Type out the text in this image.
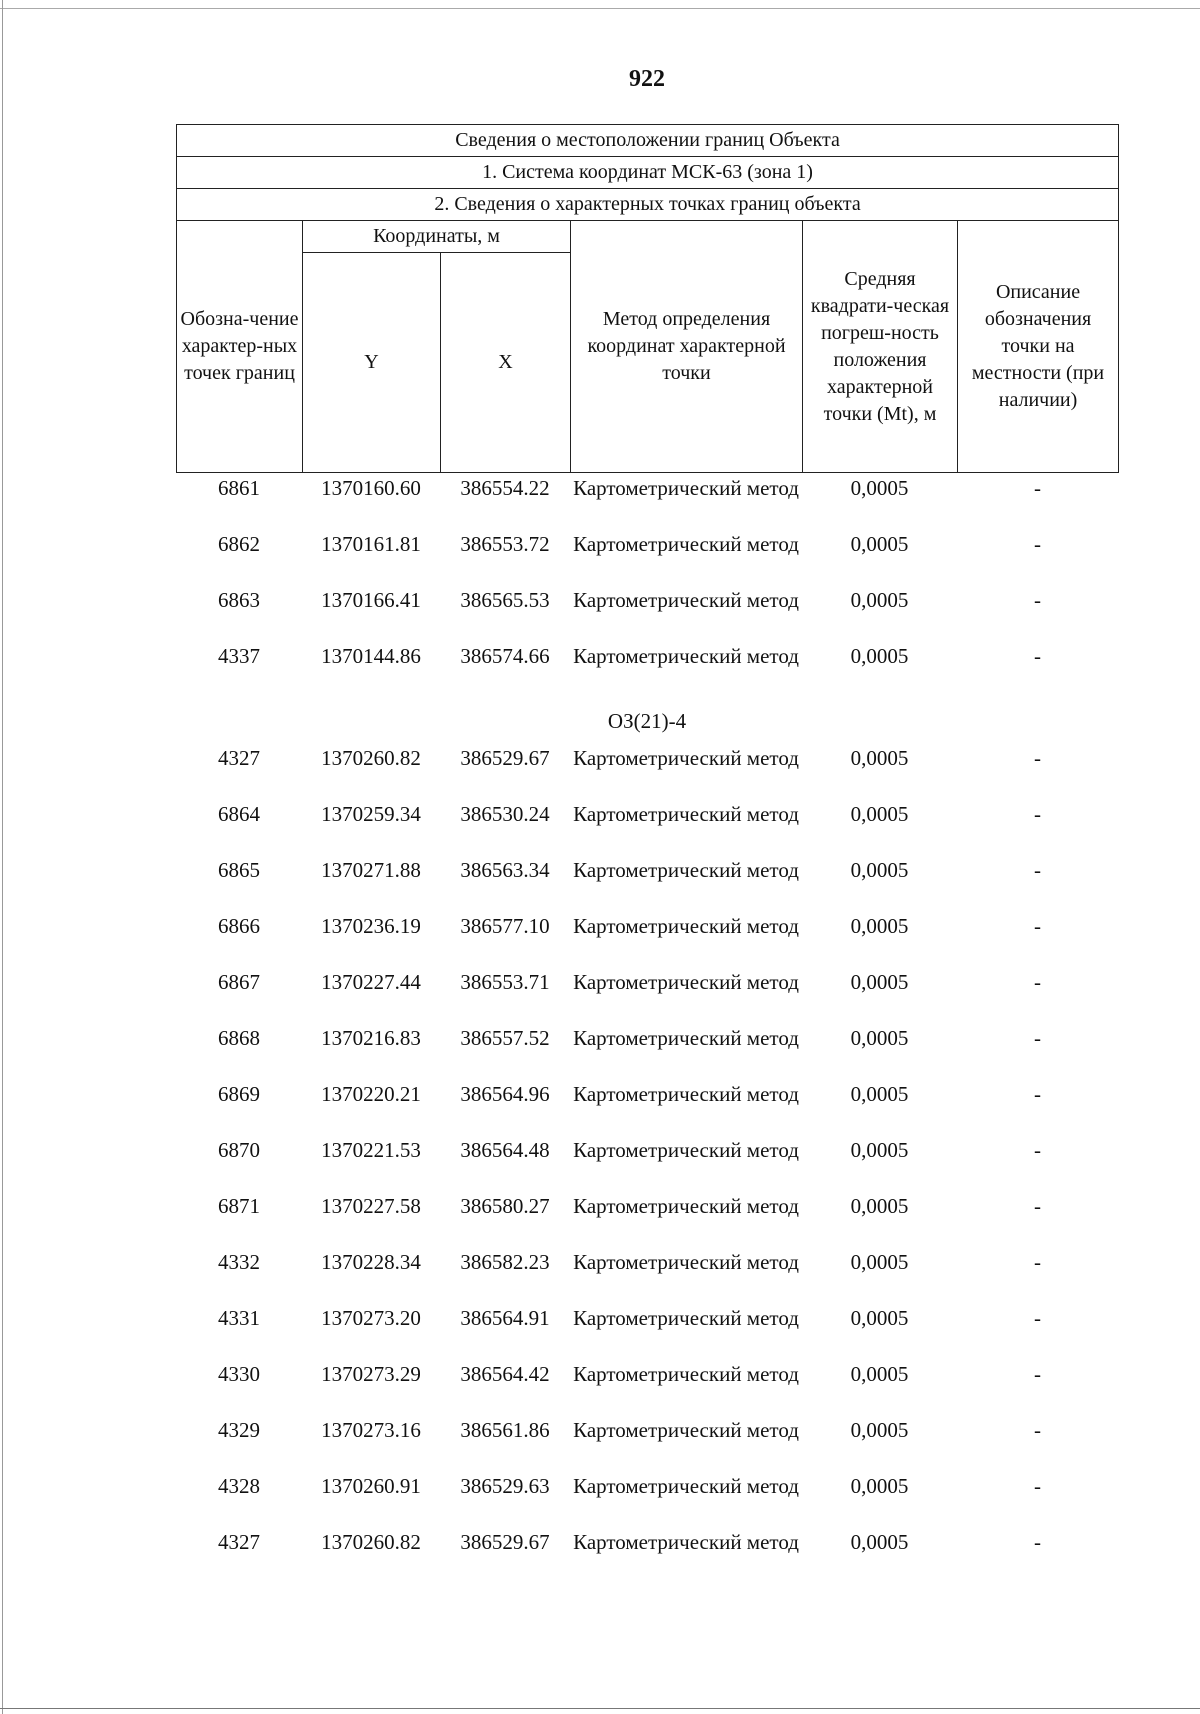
922
Сведения о местоположении границ Объекта					
1. Система координат МСК-63 (зона 1)					
2. Сведения о характерных точках границ объекта					
Обозна-чение характер-ных точек границ	Координаты, м		Метод определения координат характерной точки	Средняя квадрати-ческая погреш-ность положения характерной точки (Mt), м	Описание обозначения точки на местности (при наличии)
	Y	X			
6861	1370160.60	386554.22	Картометрический метод	0,0005	-
6862	1370161.81	386553.72	Картометрический метод	0,0005	-
6863	1370166.41	386565.53	Картометрический метод	0,0005	-
4337	1370144.86	386574.66	Картометрический метод	0,0005	-
ОЗ(21)-4					
4327	1370260.82	386529.67	Картометрический метод	0,0005	-
6864	1370259.34	386530.24	Картометрический метод	0,0005	-
6865	1370271.88	386563.34	Картометрический метод	0,0005	-
6866	1370236.19	386577.10	Картометрический метод	0,0005	-
6867	1370227.44	386553.71	Картометрический метод	0,0005	-
6868	1370216.83	386557.52	Картометрический метод	0,0005	-
6869	1370220.21	386564.96	Картометрический метод	0,0005	-
6870	1370221.53	386564.48	Картометрический метод	0,0005	-
6871	1370227.58	386580.27	Картометрический метод	0,0005	-
4332	1370228.34	386582.23	Картометрический метод	0,0005	-
4331	1370273.20	386564.91	Картометрический метод	0,0005	-
4330	1370273.29	386564.42	Картометрический метод	0,0005	-
4329	1370273.16	386561.86	Картометрический метод	0,0005	-
4328	1370260.91	386529.63	Картометрический метод	0,0005	-
4327	1370260.82	386529.67	Картометрический метод	0,0005	-
